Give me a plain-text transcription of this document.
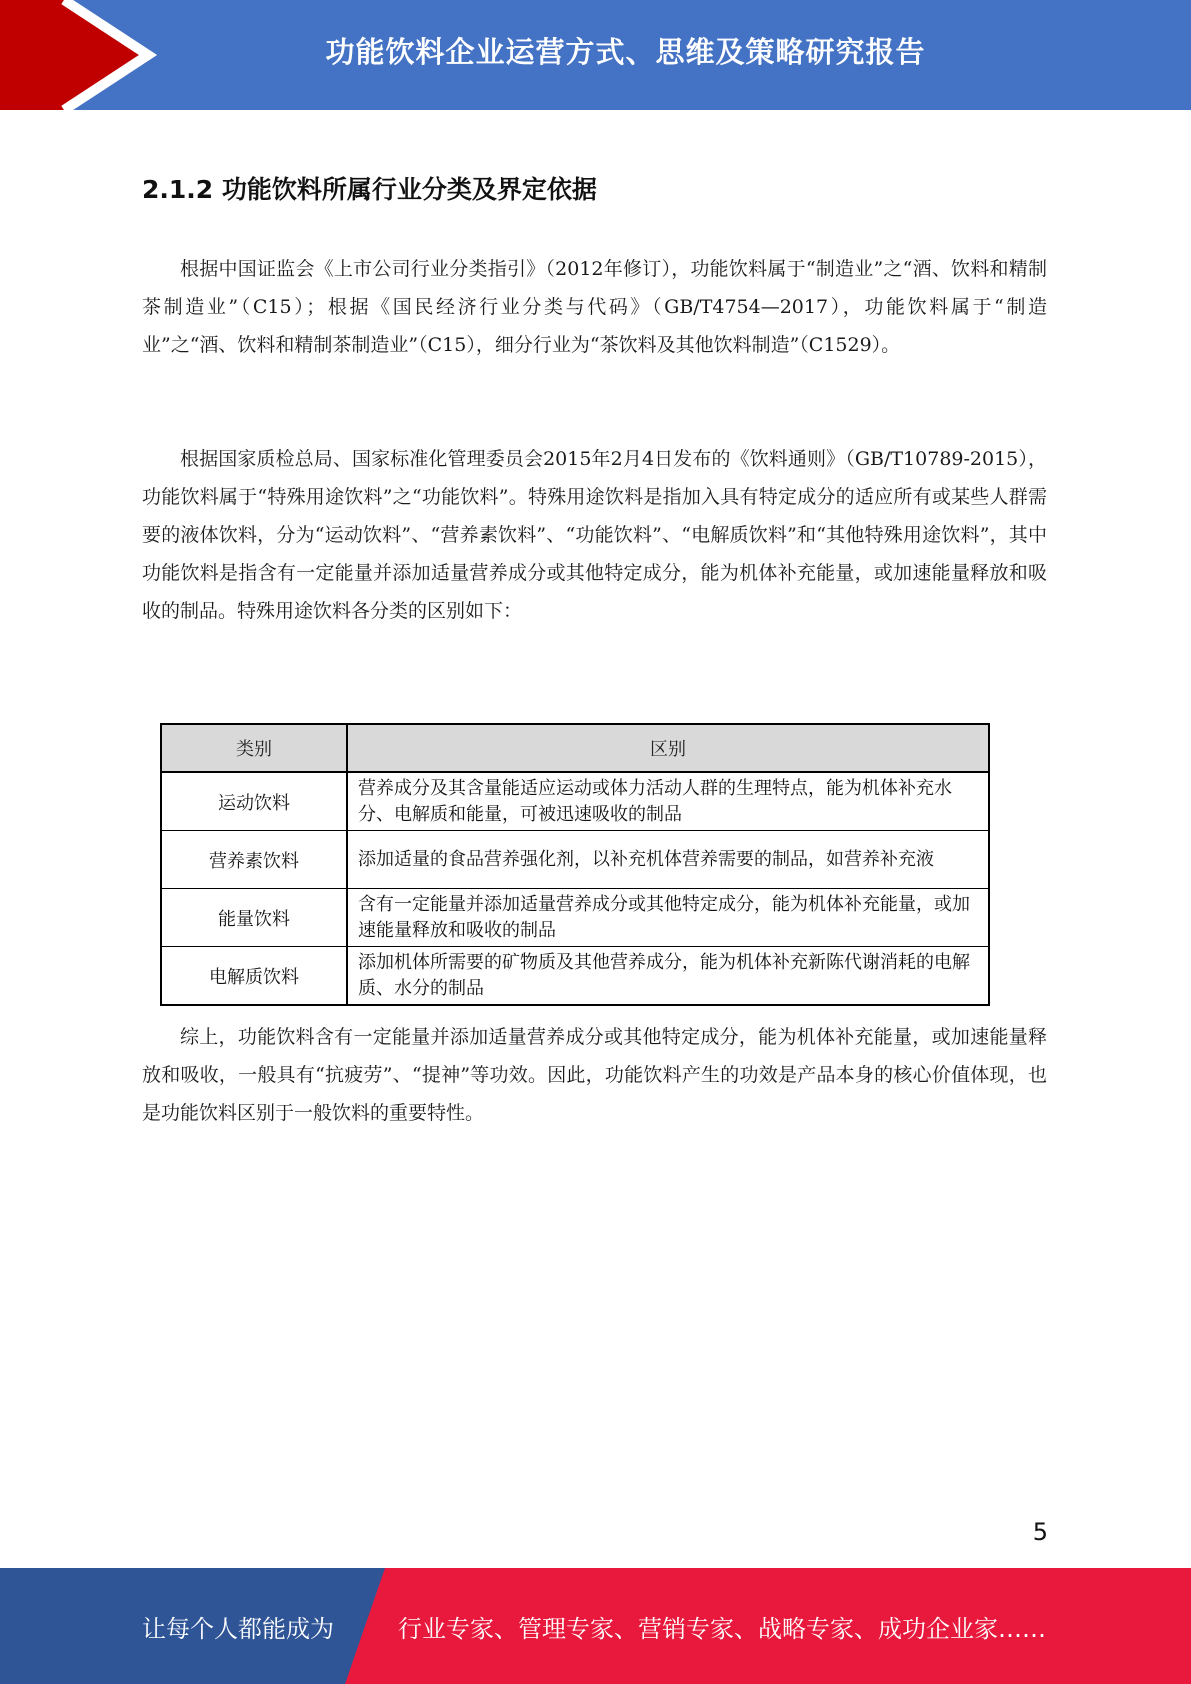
功能饮料企业运营方式、思维及策略研究报告
2.1.2 功能饮料所属行业分类及界定依据

根据中国证监会《上市公司行业分类指引》（2012年修订），功能饮料属于“制造业”之“酒、饮料和精制茶制造业”（C15）；根据《国民经济行业分类与代码》（GB/T4754—2017），功能饮料属于“制造业”之“酒、饮料和精制茶制造业”（C15），细分行业为“茶饮料及其他饮料制造”（C1529）。

根据国家质检总局、国家标准化管理委员会2015年2月4日发布的《饮料通则》（GB/T10789-2015），功能饮料属于“特殊用途饮料”之“功能饮料”。特殊用途饮料是指加入具有特定成分的适应所有或某些人群需要的液体饮料，分为“运动饮料”、“营养素饮料”、“功能饮料”、“电解质饮料”和“其他特殊用途饮料”，其中功能饮料是指含有一定能量并添加适量营养成分或其他特定成分，能为机体补充能量，或加速能量释放和吸收的制品。特殊用途饮料各分类的区别如下：

类别	区别
运动饮料	营养成分及其含量能适应运动或体力活动人群的生理特点，能为机体补充水分、电解质和能量，可被迅速吸收的制品
营养素饮料	添加适量的食品营养强化剂，以补充机体营养需要的制品，如营养补充液
能量饮料	含有一定能量并添加适量营养成分或其他特定成分，能为机体补充能量，或加速能量释放和吸收的制品
电解质饮料	添加机体所需要的矿物质及其他营养成分，能为机体补充新陈代谢消耗的电解质、水分的制品

综上，功能饮料含有一定能量并添加适量营养成分或其他特定成分，能为机体补充能量，或加速能量释放和吸收，一般具有“抗疲劳”、“提神”等功效。因此，功能饮料产生的功效是产品本身的核心价值体现，也是功能饮料区别于一般饮料的重要特性。

5
让每个人都能成为	行业专家、管理专家、营销专家、战略专家、成功企业家……
